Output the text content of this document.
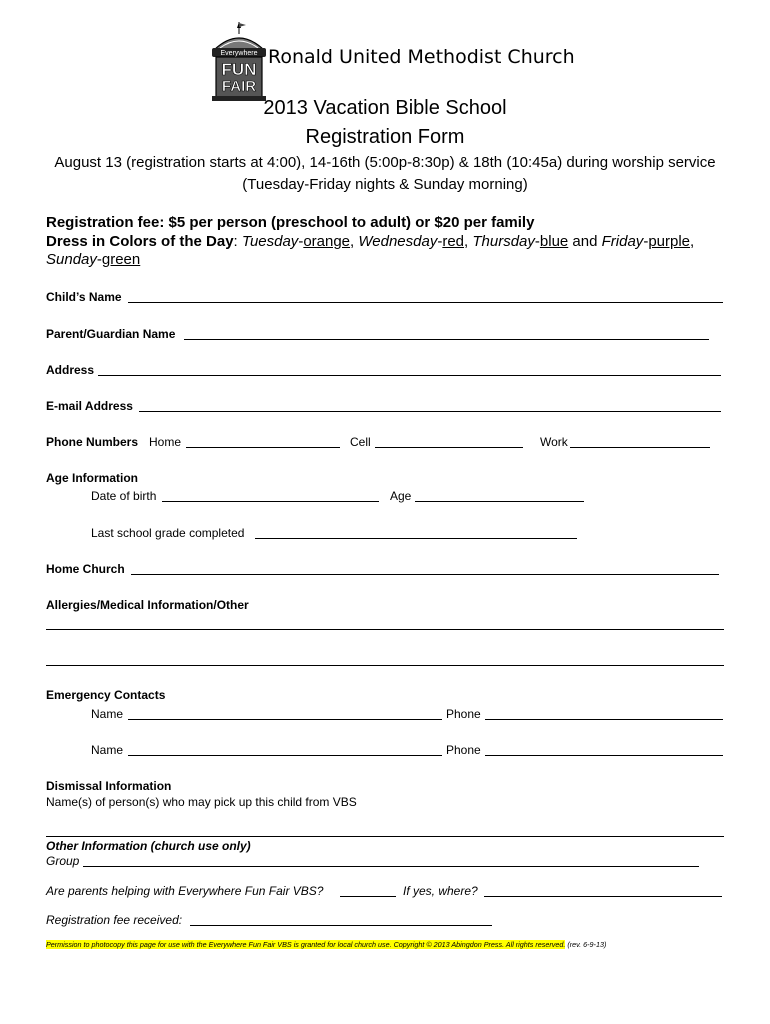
Everywhere
FUN
FAIR
Ronald United Methodist Church
2013 Vacation Bible School
Registration Form
August 13 (registration starts at 4:00), 14-16th (5:00p-8:30p) & 18th (10:45a) during worship service
(Tuesday-Friday nights & Sunday morning)
Registration fee: $5 per person (preschool to adult) or $20 per family
Dress in Colors of the Day: Tuesday-orange, Wednesday-red, Thursday-blue and Friday-purple,
Sunday-green
Child’s Name
Parent/Guardian Name
Address
E-mail Address
Phone Numbers Home	Cell	Work
Age Information
Date of birth	Age
Last school grade completed
Home Church
Allergies/Medical Information/Other
Emergency Contacts
Name	Phone
Name	Phone
Dismissal Information
Name(s) of person(s) who may pick up this child from VBS
Other Information (church use only)
Group
Are parents helping with Everywhere Fun Fair VBS?	If yes, where?
Registration fee received:
Permission to photocopy this page for use with the Everywhere Fun Fair VBS is granted for local church use. Copyright © 2013 Abingdon Press. All rights reserved. (rev. 6-9-13)
